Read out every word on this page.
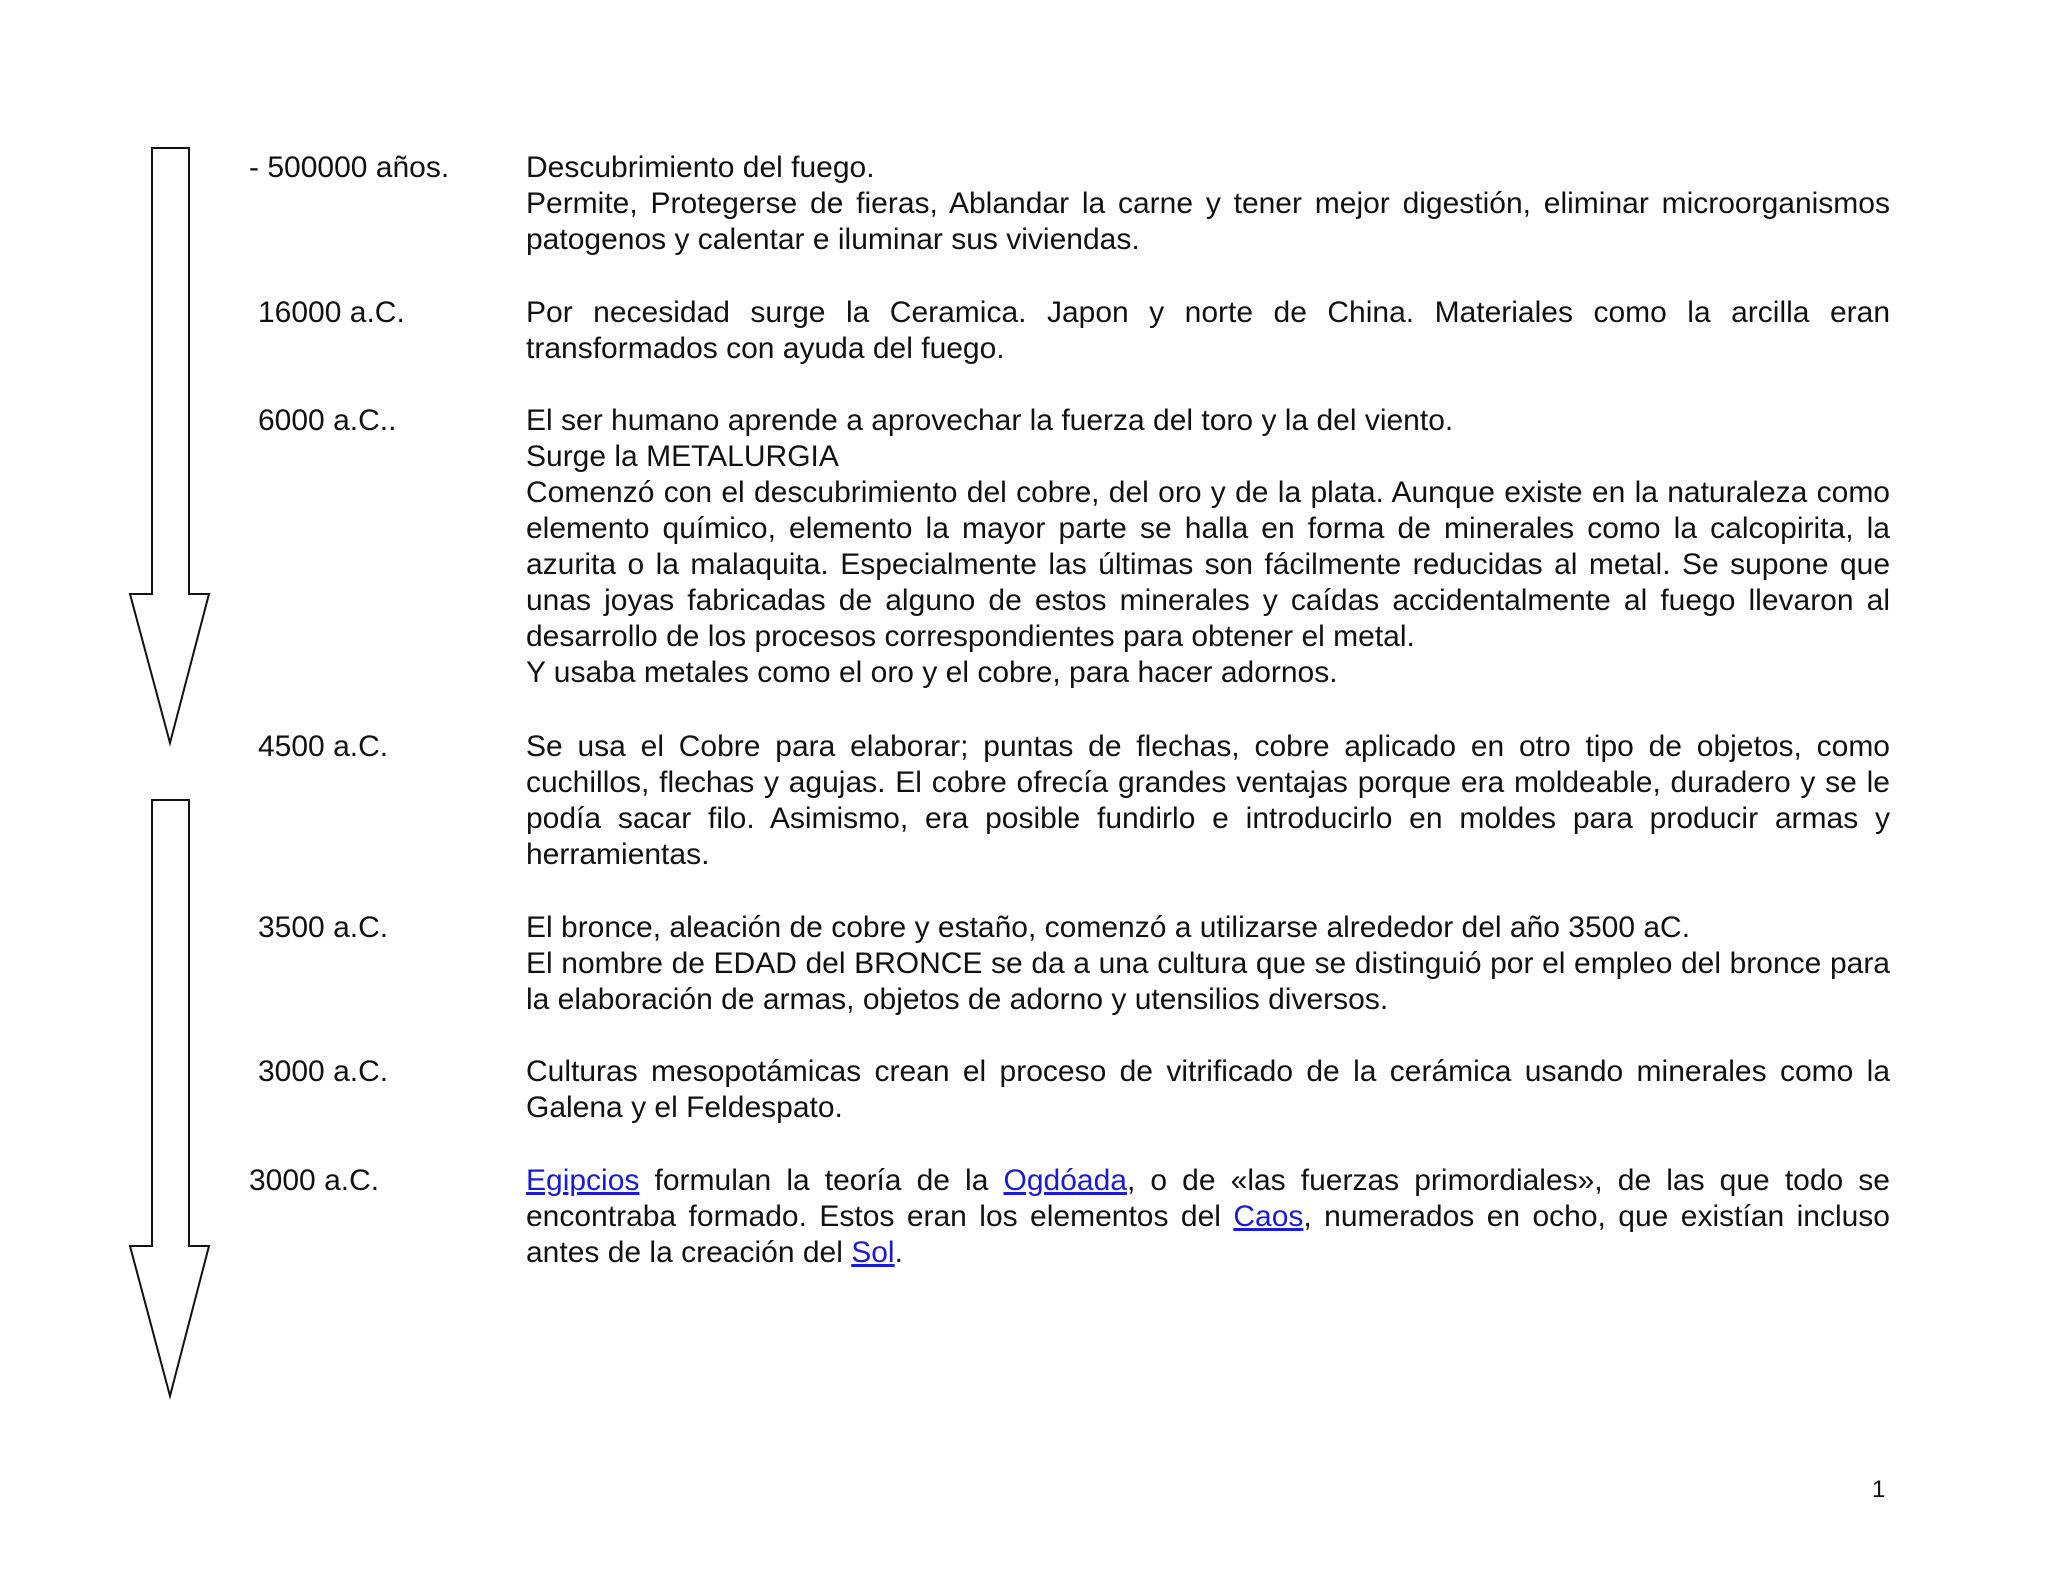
- 500000 años.	Descubrimiento del fuego.

Permite, Protegerse de fieras, Ablandar la carne y tener mejor digestión, eliminar microorganismos patogenos y calentar e iluminar sus viviendas.

16000 a.C.	Por necesidad surge la Ceramica. Japon y norte de China. Materiales como la arcilla eran transformados con ayuda del fuego.

6000 a.C..	El ser humano aprende a aprovechar la fuerza del toro y la del viento.

Surge la METALURGIA

Comenzó con el descubrimiento del cobre, del oro y de la plata. Aunque existe en la naturaleza como elemento químico, elemento la mayor parte se halla en forma de minerales como la calcopirita, la azurita o la malaquita. Especialmente las últimas son fácilmente reducidas al metal. Se supone que unas joyas fabricadas de alguno de estos minerales y caídas accidentalmente al fuego llevaron al desarrollo de los procesos correspondientes para obtener el metal.

Y usaba metales como el oro y el cobre, para hacer adornos.

4500 a.C.	Se usa el Cobre para elaborar; puntas de flechas, cobre aplicado en otro tipo de objetos, como cuchillos, flechas y agujas. El cobre ofrecía grandes ventajas porque era moldeable, duradero y se le podía sacar filo. Asimismo, era posible fundirlo e introducirlo en moldes para producir armas y herramientas.

3500 a.C.	El bronce, aleación de cobre y estaño, comenzó a utilizarse alrededor del año 3500 aC.

El nombre de EDAD del BRONCE se da a una cultura que se distinguió por el empleo del bronce para la elaboración de armas, objetos de adorno y utensilios diversos.

3000 a.C.	Culturas mesopotámicas crean el proceso de vitrificado de la cerámica usando minerales como la Galena y el Feldespato.

3000 a.C.	Egipcios formulan la teoría de la Ogdóada, o de «las fuerzas primordiales», de las que todo se encontraba formado. Estos eran los elementos del Caos, numerados en ocho, que existían incluso antes de la creación del Sol.

1
